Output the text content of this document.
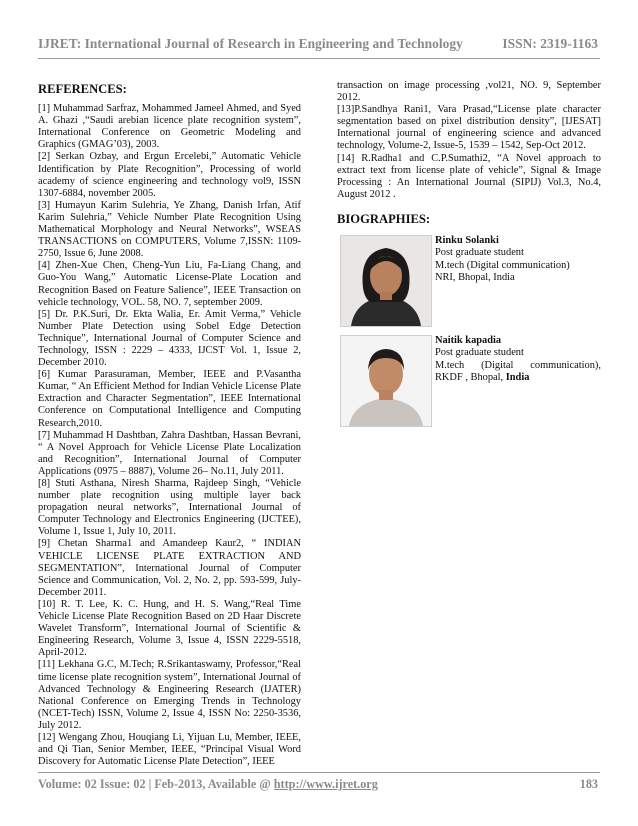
IJRET: International Journal of Research in Engineering and Technology	ISSN: 2319-1163
REFERENCES:

[1] Muhammad Sarfraz, Mohammed Jameel Ahmed, and Syed A. Ghazi ,“Saudi arebian licence plate recognition system”, International Conference on Geometric Modeling and Graphics (GMAG’03), 2003.

[2] Serkan Ozbay, and Ergun Ercelebi,” Automatic Vehicle Identification by Plate Recognition”, Processing of world academy of science engineering and technology vol9, ISSN 1307-6884, november 2005.

[3] Humayun Karim Sulehria, Ye Zhang, Danish Irfan, Atif Karim Sulehria,” Vehicle Number Plate Recognition Using Mathematical Morphology and Neural Networks”, WSEAS TRANSACTIONS on COMPUTERS, Volume 7,ISSN: 1109-2750, Issue 6, June 2008.

[4] Zhen-Xue Chen, Cheng-Yun Liu, Fa-Liang Chang, and Guo-You Wang,” Automatic License-Plate Location and Recognition Based on Feature Salience”, IEEE Transaction on vehicle technology, VOL. 58, NO. 7, september 2009.

[5] Dr. P.K.Suri, Dr. Ekta Walia, Er. Amit Verma,” Vehicle Number Plate Detection using Sobel Edge Detection Technique”, International Journal of Computer Science and Technology, ISSN : 2229 – 4333, IJCST Vol. 1, Issue 2, December 2010.

[6] Kumar Parasuraman, Member, IEEE and P.Vasantha Kumar, “ An Efficient Method for Indian Vehicle License Plate Extraction and Character Segmentation”, IEEE International Conference on Computational Intelligence and Computing Research,2010.

[7] Muhammad H Dashtban, Zahra Dashtban, Hassan Bevrani, “ A Novel Approach for Vehicle License Plate Localization and Recognition”, International Journal of Computer Applications (0975 – 8887), Volume 26– No.11, July 2011.

[8] Stuti Asthana, Niresh Sharma, Rajdeep Singh, “Vehicle number plate recognition using multiple layer back propagation neural networks”, International Journal of Computer Technology and Electronics Engineering (IJCTEE), Volume 1, Issue 1, July 10, 2011.

[9] Chetan Sharma1 and Amandeep Kaur2, “ INDIAN VEHICLE LICENSE PLATE EXTRACTION AND SEGMENTATION”, International Journal of Computer Science and Communication, Vol. 2, No. 2, pp. 593-599, July-December 2011.

[10] R. T. Lee, K. C. Hung, and H. S. Wang,“Real Time Vehicle License Plate Recognition Based on 2D Haar Discrete Wavelet Transform”, International Journal of Scientific & Engineering Research, Volume 3, Issue 4, ISSN 2229-5518, April-2012.

[11] Lekhana G.C, M.Tech; R.Srikantaswamy, Professor,“Real time license plate recognition system”, International Journal of Advanced Technology & Engineering Research (IJATER) National Conference on Emerging Trends in Technology (NCET-Tech) ISSN, Volume 2, Issue 4, ISSN No: 2250-3536, July 2012.

[12] Wengang Zhou, Houqiang Li, Yijuan Lu, Member, IEEE, and Qi Tian, Senior Member, IEEE, “Principal Visual Word Discovery for Automatic License Plate Detection”, IEEE

transaction on image processing ,vol21, NO. 9, September 2012.

[13]P.Sandhya Rani1, Vara Prasad,“License plate character segmentation based on pixel distribution density”, [IJESAT] International journal of engineering science and advanced technology, Volume-2, Issue-5, 1539 – 1542, Sep-Oct 2012.

[14] R.Radha1 and C.P.Sumathi2, “A Novel approach to extract text from license plate of vehicle”, Signal & Image Processing : An International Journal (SIPIJ) Vol.3, No.4, August 2012 .

BIOGRAPHIES:
Rinku Solanki
Post graduate student
M.tech (Digital communication)
NRI, Bhopal, India
Naitik kapadia
Post graduate student
M.tech (Digital communication),
RKDF , Bhopal, India
Volume: 02 Issue: 02 | Feb-2013, Available @ http://www.ijret.org	183
